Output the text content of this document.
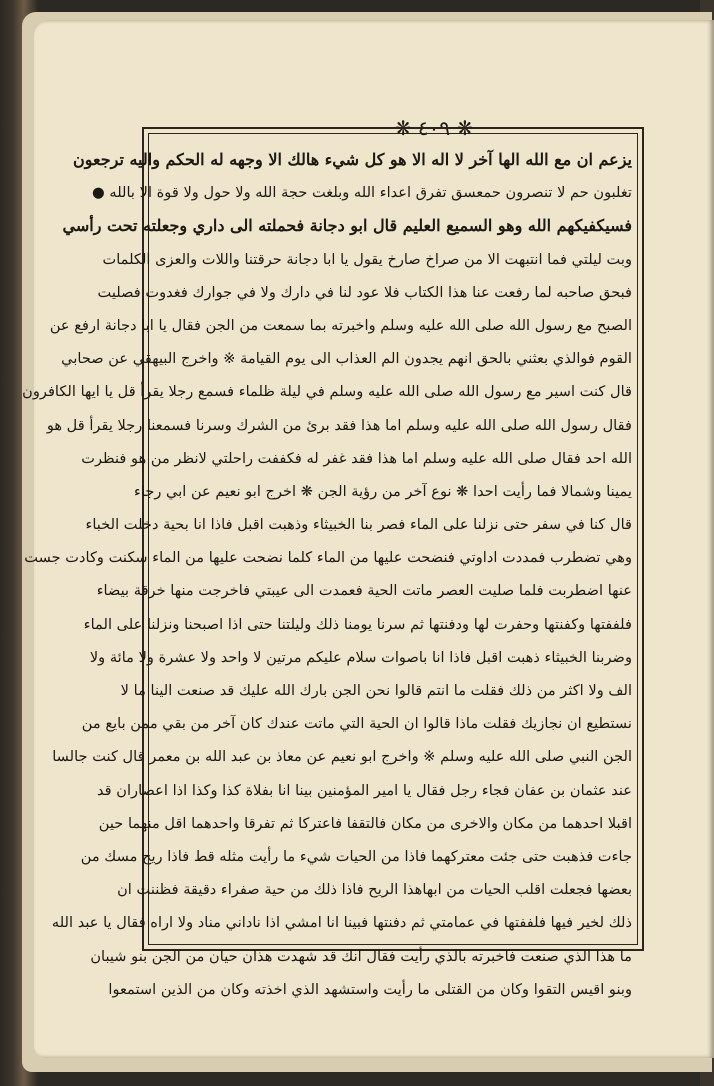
❋ ٤٠٩ ❋
يزعم ان مع الله الها آخر لا اله الا هو كل شيء هالك الا وجهه له الحكم واليه ترجعون
تغلبون حم لا تنصرون حمعسق تفرق اعداء الله وبلغت حجة الله ولا حول ولا قوة الا بالله ●
فسيكفيكهم الله وهو السميع العليم قال ابو دجانة فحملته الى داري وجعلته تحت رأسي
وبت ليلتي فما انتبهت الا من صراخ صارخ يقول يا ابا دجانة حرقتنا واللات والعزى الكلمات
فبحق صاحبه لما رفعت عنا هذا الكتاب فلا عود لنا في دارك ولا في جوارك فغدوت فصليت
الصبح مع رسول الله صلى الله عليه وسلم واخبرته بما سمعت من الجن فقال يا ابا دجانة ارفع عن
القوم فوالذي بعثني بالحق انهم يجدون الم العذاب الى يوم القيامة ※ واخرج البيهقي عن صحابي
قال كنت اسير مع رسول الله صلى الله عليه وسلم في ليلة ظلماء فسمع رجلا يقرأ قل يا ايها الكافرون
فقال رسول الله صلى الله عليه وسلم اما هذا فقد برئ من الشرك وسرنا فسمعنا رجلا يقرأ قل هو
الله احد فقال صلى الله عليه وسلم اما هذا فقد غفر له فكففت راحلتي لانظر من هو فنظرت
يمينا وشمالا فما رأيت احدا ❋ نوع آخر من رؤية الجن ❋ اخرج ابو نعيم عن ابي رجاء
قال كنا في سفر حتى نزلنا على الماء فصر بنا الخبيثاء وذهبت اقبل فاذا انا بحية دخلت الخباء
وهي تضطرب فمددت اداوتي فنضحت عليها من الماء كلما نضحت عليها من الماء سكنت وكادت جست
عنها اضطربت فلما صليت العصر ماتت الحية فعمدت الى عيبتي فاخرجت منها خرقة بيضاء
فلففتها وكفنتها وحفرت لها ودفنتها ثم سرنا يومنا ذلك وليلتنا حتى اذا اصبحنا ونزلنا على الماء
وضربنا الخبيثاء ذهبت اقبل فاذا انا باصوات سلام عليكم مرتين لا واحد ولا عشرة ولا مائة ولا
الف ولا اكثر من ذلك فقلت ما انتم قالوا نحن الجن بارك الله عليك قد صنعت الينا ما لا
نستطيع ان نجازيك فقلت ماذا قالوا ان الحية التي ماتت عندك كان آخر من بقي ممن بايع من
الجن النبي صلى الله عليه وسلم ※ واخرج ابو نعيم عن معاذ بن عبد الله بن معمر قال كنت جالسا
عند عثمان بن عفان فجاء رجل فقال يا امير المؤمنين بينا انا بفلاة كذا وكذا اذا اعصاران قد
اقبلا احدهما من مكان والاخرى من مكان فالتقفا فاعتركا ثم تفرقا واحدهما اقل منهما حين
جاءت فذهبت حتى جئت معتركهما فاذا من الحيات شيء ما رأيت مثله قط فاذا ريح مسك من
بعضها فجعلت اقلب الحيات من ابهاهذا الريح فاذا ذلك من حية صفراء دقيقة فظننت ان
ذلك لخير فيها فلففتها في عمامتي ثم دفنتها فبينا انا امشي اذا ناداني مناد ولا اراه فقال يا عبد الله
ما هذا الذي صنعت فاخبرته بالذي رأيت فقال انك قد شهدت هذان حيان من الجن بنو شيبان
وبنو اقيس التقوا وكان من القتلى ما رأيت واستشهد الذي اخذته وكان من الذين استمعوا
